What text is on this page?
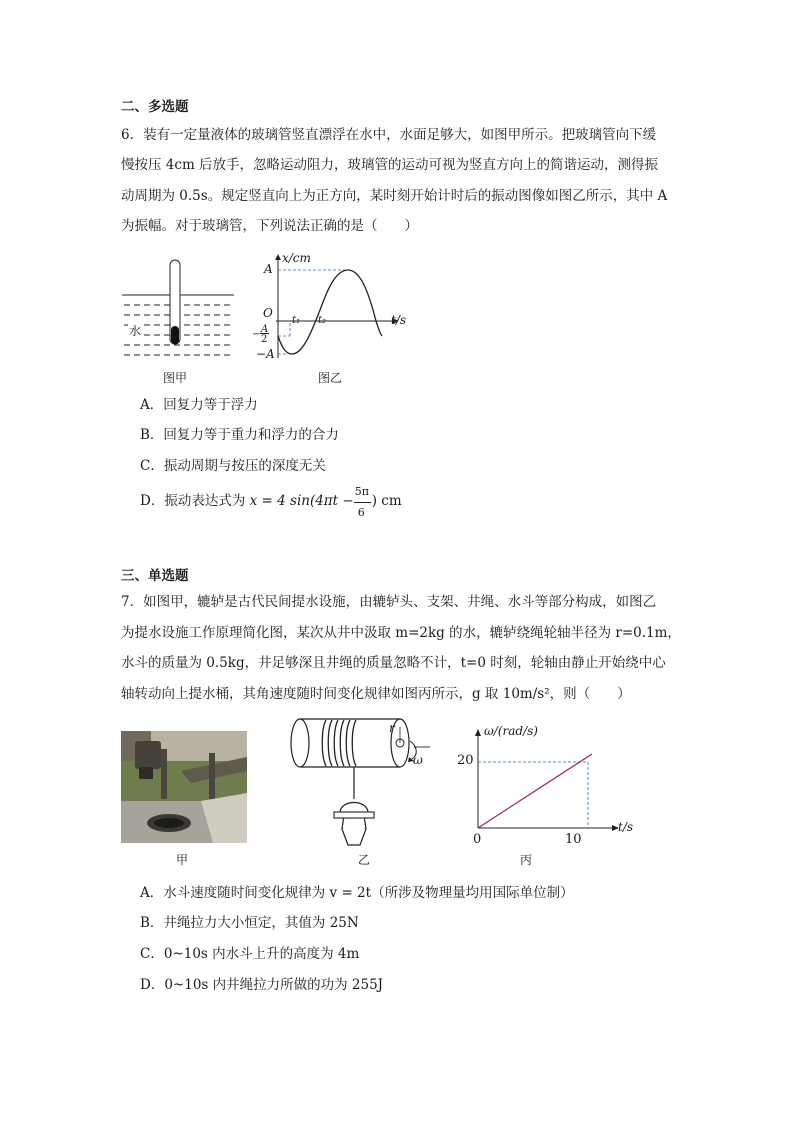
二、多选题
6．装有一定量液体的玻璃管竖直漂浮在水中，水面足够大，如图甲所示。把玻璃管向下缓
慢按压 4cm 后放手，忽略运动阻力，玻璃管的运动可视为竖直方向上的简谐运动，测得振
动周期为 0.5s。规定竖直向上为正方向，某时刻开始计时后的振动图像如图乙所示，其中 A
为振幅。对于玻璃管，下列说法正确的是（　　）
水
图甲
x/cm
t/s
A
O
− A
2
−A
t₁ t₂
图乙
A．回复力等于浮力
B．回复力等于重力和浮力的合力
C．振动周期与按压的深度无关
D．振动表达式为 x = 4 $\sin(4\pi t - \frac{5\pi}{6}$ ) cm
三、单选题
7．如图甲，辘轳是古代民间提水设施，由辘轳头、支架、井绳、水斗等部分构成，如图乙
为提水设施工作原理简化图，某次从井中汲取 m=2kg 的水，辘轳绕绳轮轴半径为 r=0.1m，
水斗的质量为 0.5kg，井足够深且井绳的质量忽略不计，t=0 时刻，轮轴由静止开始绕中心
轴转动向上提水桶，其角速度随时间变化规律如图丙所示，g 取 10m/s²，则（　　）
甲
r
ω
乙
ω/(rad/s)
t/s
20
0	10
丙
A．水斗速度随时间变化规律为 v = 2t（所涉及物理量均用国际单位制）
B．井绳拉力大小恒定，其值为 25N
C．0~10s 内水斗上升的高度为 4m
D．0~10s 内井绳拉力所做的功为 255J
